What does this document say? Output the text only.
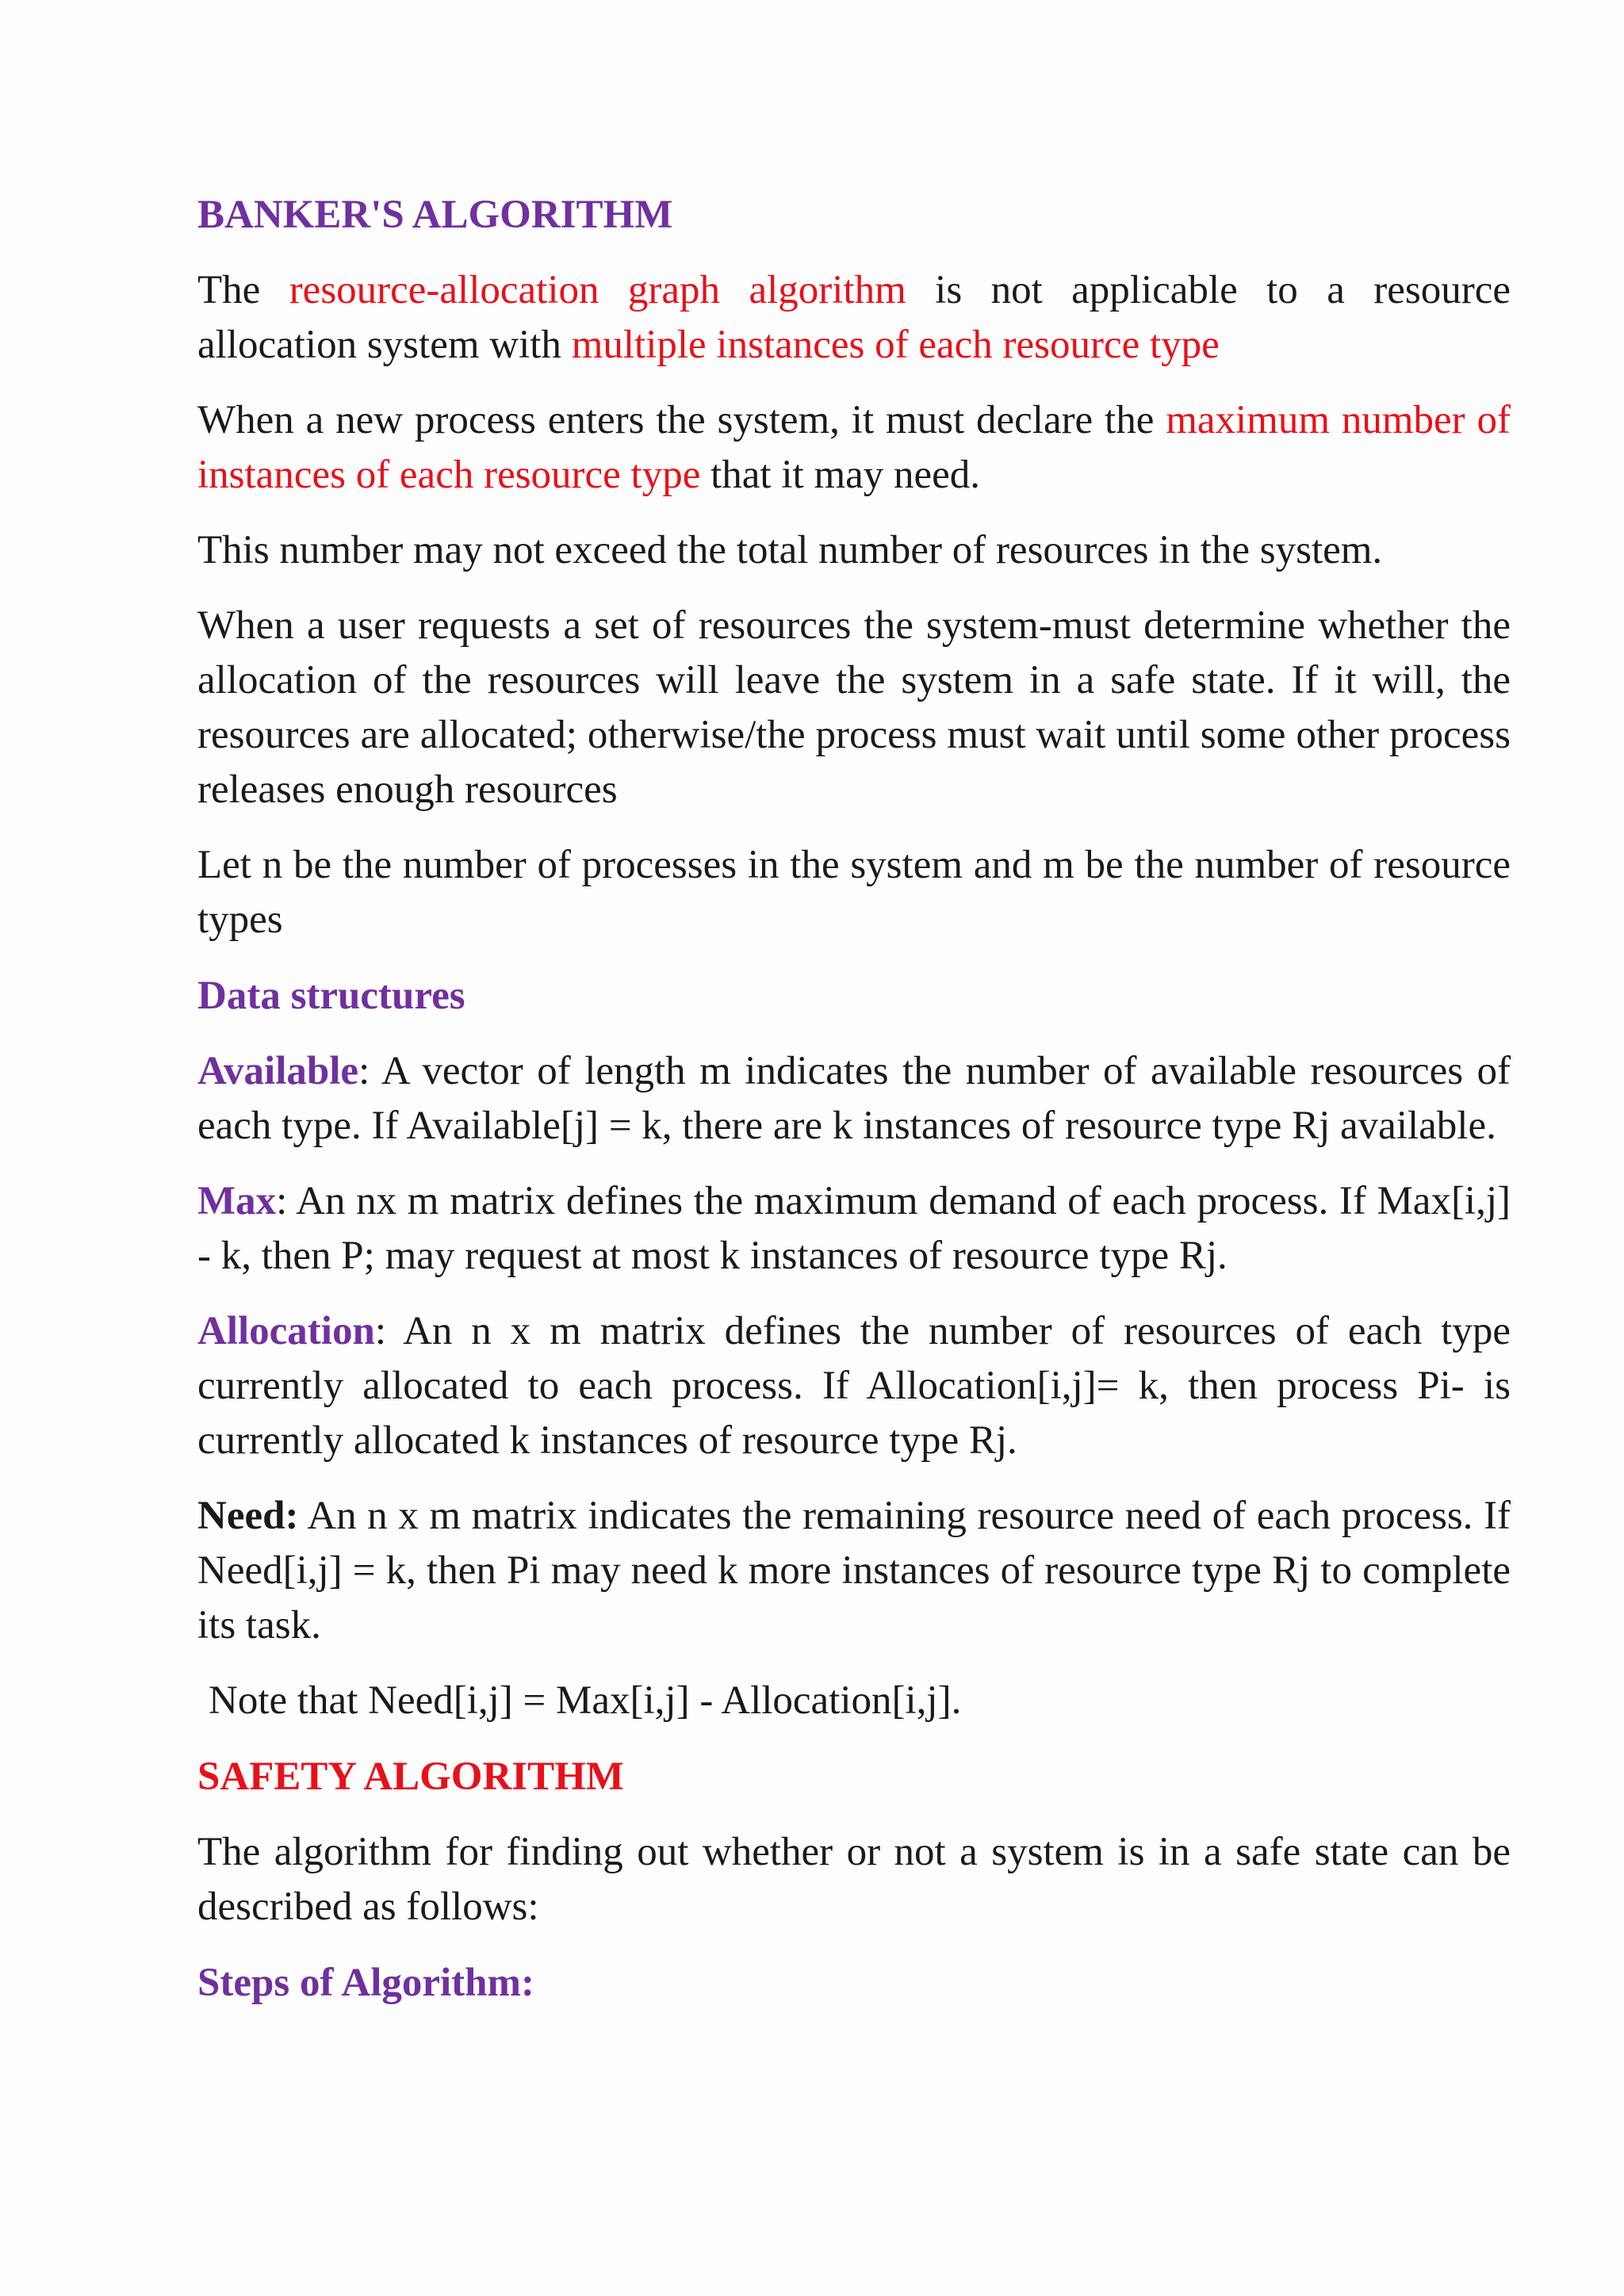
BANKER'S ALGORITHM

The resource-allocation graph algorithm is not applicable to a resource allocation system with multiple instances of each resource type

When a new process enters the system, it must declare the maximum number of instances of each resource type that it may need.

This number may not exceed the total number of resources in the system.

When a user requests a set of resources the system-must determine whether the allocation of the resources will leave the system in a safe state. If it will, the resources are allocated; otherwise/the process must wait until some other process releases enough resources

Let n be the number of processes in the system and m be the number of resource types

Data structures

Available: A vector of length m indicates the number of available resources of each type. If Available[j] = k, there are k instances of resource type Rj available.

Max: An nx m matrix defines the maximum demand of each process. If Max[i,j] - k, then P; may request at most k instances of resource type Rj.

Allocation: An n x m matrix defines the number of resources of each type currently allocated to each process. If Allocation[i,j]= k, then process Pi- is currently allocated k instances of resource type Rj.

Need: An n x m matrix indicates the remaining resource need of each process. If Need[i,j] = k, then Pi may need k more instances of resource type Rj to complete its task.

Note that Need[i,j] = Max[i,j] - Allocation[i,j].

SAFETY ALGORITHM

The algorithm for finding out whether or not a system is in a safe state can be described as follows:

Steps of Algorithm:
